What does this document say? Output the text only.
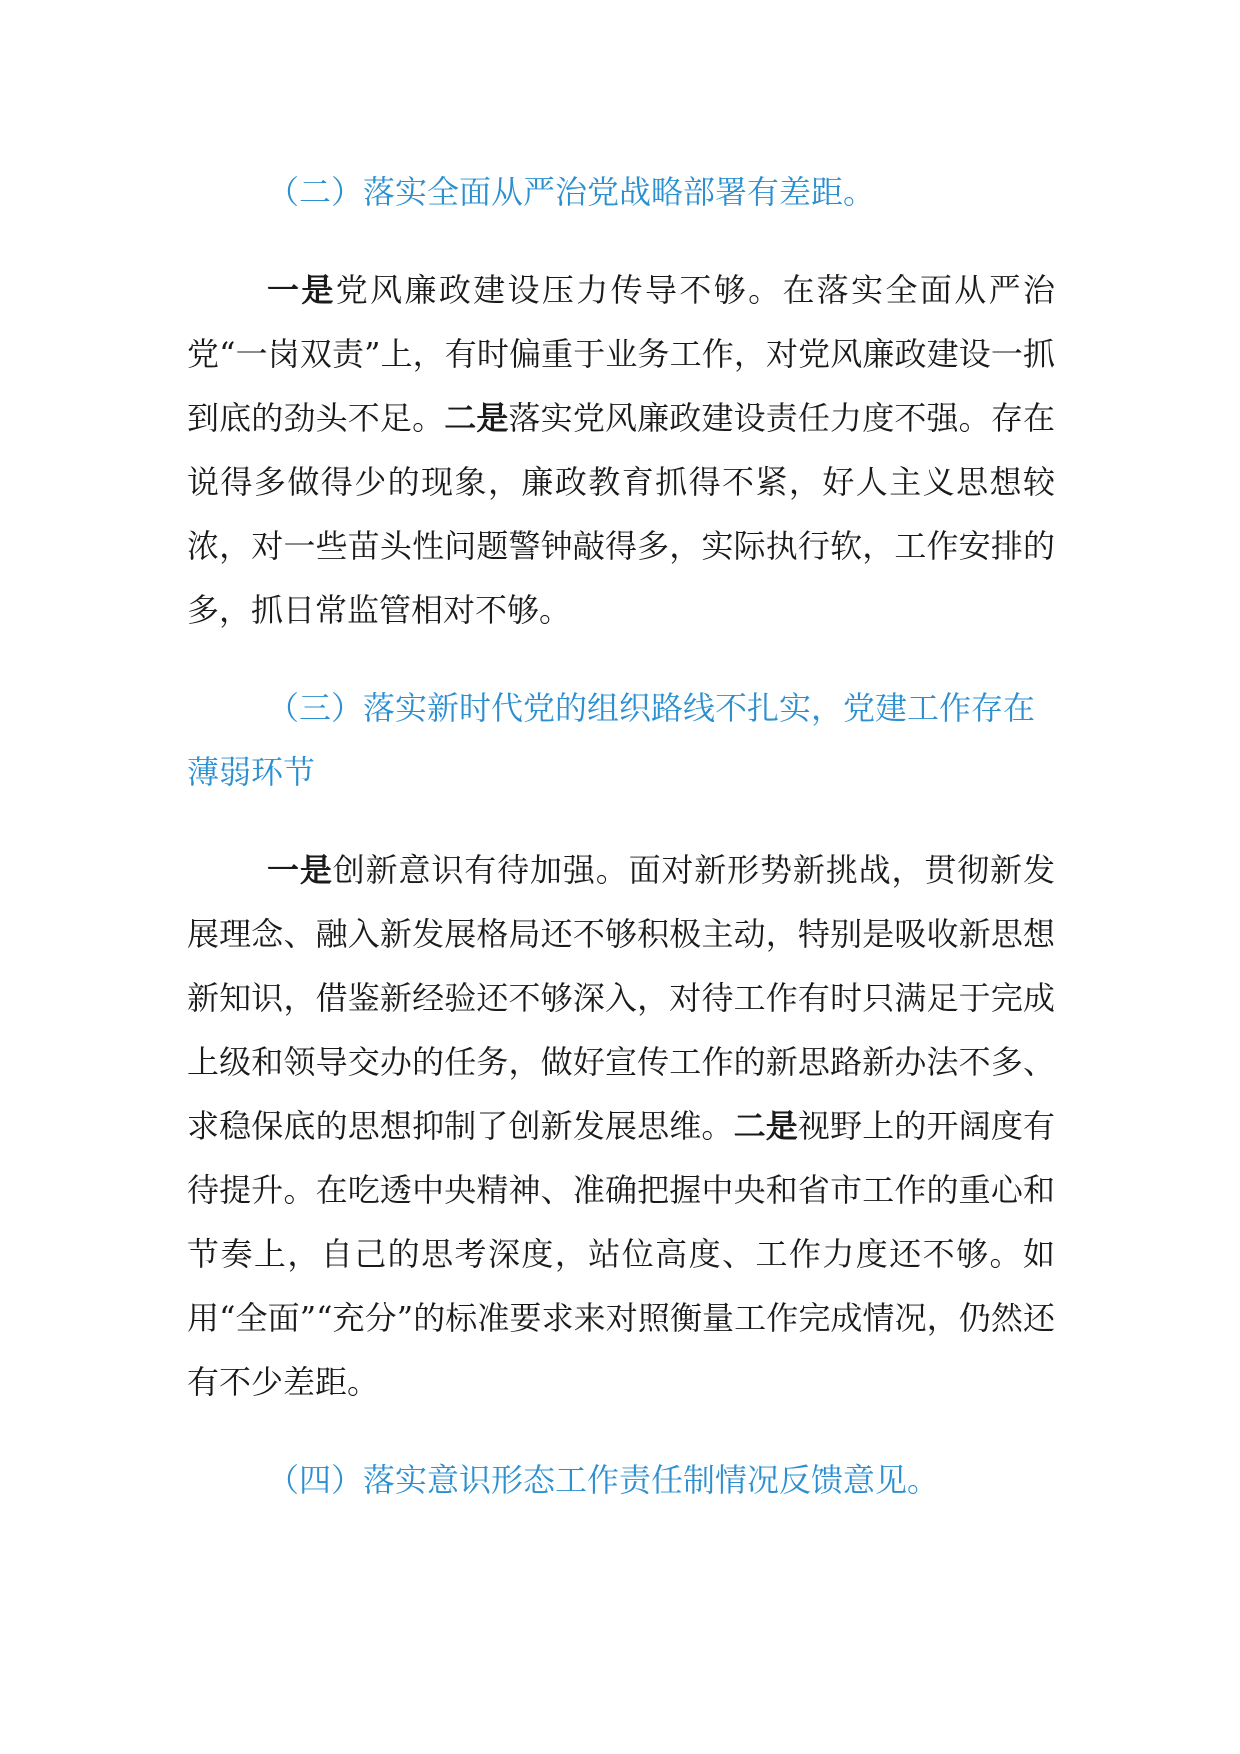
（二）落实全面从严治党战略部署有差距。

一是党风廉政建设压力传导不够。在落实全面从严治党“一岗双责”上，有时偏重于业务工作，对党风廉政建设一抓到底的劲头不足。二是落实党风廉政建设责任力度不强。存在说得多做得少的现象，廉政教育抓得不紧，好人主义思想较浓，对一些苗头性问题警钟敲得多，实际执行软，工作安排的多，抓日常监管相对不够。

（三）落实新时代党的组织路线不扎实，党建工作存在薄弱环节

一是创新意识有待加强。面对新形势新挑战，贯彻新发展理念、融入新发展格局还不够积极主动，特别是吸收新思想新知识，借鉴新经验还不够深入，对待工作有时只满足于完成上级和领导交办的任务，做好宣传工作的新思路新办法不多、求稳保底的思想抑制了创新发展思维。二是视野上的开阔度有待提升。在吃透中央精神、准确把握中央和省市工作的重心和节奏上，自己的思考深度，站位高度、工作力度还不够。如用“全面”“充分”的标准要求来对照衡量工作完成情况，仍然还有不少差距。

（四）落实意识形态工作责任制情况反馈意见。
